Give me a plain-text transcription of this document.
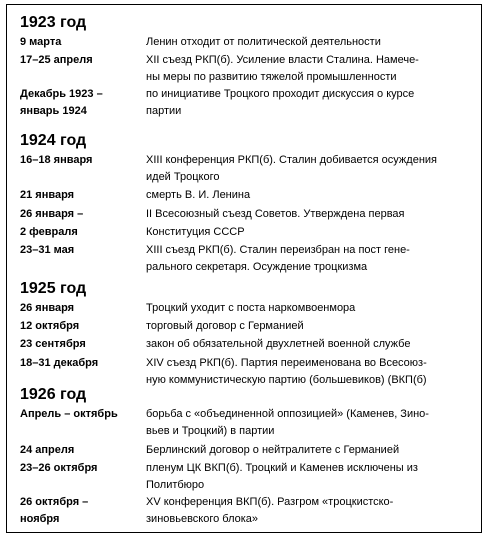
1923 год
9 марта	Ленин отходит от политической деятельности
17–25 апреля	XII съезд РКП(б). Усиление власти Сталина. Намече-
ны меры по развитию тяжелой промышленности
Декабрь 1923 –	по инициативе Троцкого проходит дискуссия о курсе
январь 1924	партии
1924 год
16–18 января	XIII конференция РКП(б). Сталин добивается осуждения
идей Троцкого
21 января	смерть В. И. Ленина
26 января –	II Всесоюзный съезд Советов. Утверждена первая
2 февраля	Конституция СССР
23–31 мая	XIII съезд РКП(б). Сталин переизбран на пост гене-
рального секретаря. Осуждение троцкизма
1925 год
26 января	Троцкий уходит с поста наркомвоенмора
12 октября	торговый договор с Германией
23 сентября	закон об обязательной двухлетней военной службе
18–31 декабря	XIV съезд РКП(б). Партия переименована во Всесоюз-
ную коммунистическую партию (большевиков) (ВКП(б)
1926 год
Апрель – октябрь	борьба с «объединенной оппозицией» (Каменев, Зино-
вьев и Троцкий) в партии
24 апреля	Берлинский договор о нейтралитете с Германией
23–26 октября	пленум ЦК ВКП(б). Троцкий и Каменев исключены из
Политбюро
26 октября –	XV конференция ВКП(б). Разгром «троцкистско-
ноября	зиновьевского блока»
